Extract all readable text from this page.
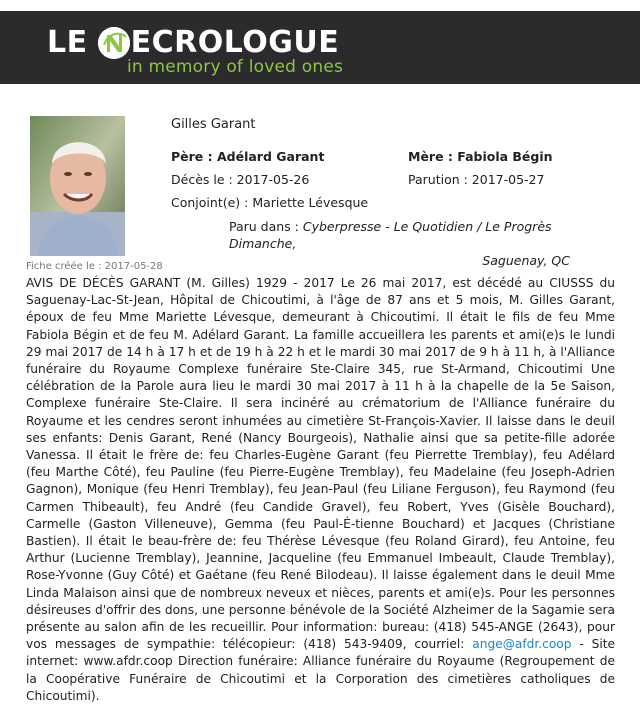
LE ECROLOGUE
in memory of loved ones
Fiche créée le : 2017-05-28
Gilles Garant
Père : Adélard Garant	Mère : Fabiola Bégin
Décès le : 2017-05-26	Parution : 2017-05-27
Conjoint(e) : Mariette Lévesque
Paru dans : Cyberpresse - Le Quotidien / Le Progrès Dimanche,
Saguenay, QC
AVIS DE DÉCÈS GARANT (M. Gilles) 1929 - 2017 Le 26 mai 2017, est décédé au CIUSSS du Saguenay-Lac-St-Jean, Hôpital de Chicoutimi, à l'âge de 87 ans et 5 mois, M. Gilles Garant, époux de feu Mme Mariette Lévesque, demeurant à Chicoutimi. Il était le fils de feu Mme Fabiola Bégin et de feu M. Adélard Garant. La famille accueillera les parents et ami(e)s le lundi 29 mai 2017 de 14 h à 17 h et de 19 h à 22 h et le mardi 30 mai 2017 de 9 h à 11 h, à l'Alliance funéraire du Royaume Complexe funéraire Ste-Claire 345, rue St-Armand, Chicoutimi Une célébration de la Parole aura lieu le mardi 30 mai 2017 à 11 h à la chapelle de la 5e Saison, Complexe funéraire Ste-Claire. Il sera incinéré au crématorium de l'Alliance funéraire du Royaume et les cendres seront inhumées au cimetière St-François-Xavier. Il laisse dans le deuil ses enfants: Denis Garant, René (Nancy Bourgeois), Nathalie ainsi que sa petite-fille adorée Vanessa. Il était le frère de: feu Charles-Eugène Garant (feu Pierrette Tremblay), feu Adélard (feu Marthe Côté), feu Pauline (feu Pierre-Eugène Tremblay), feu Madelaine (feu Joseph-Adrien Gagnon), Monique (feu Henri Tremblay), feu Jean-Paul (feu Liliane Ferguson), feu Raymond (feu Carmen Thibeault), feu André (feu Candide Gravel), feu Robert, Yves (Gisèle Bouchard), Carmelle (Gaston Villeneuve), Gemma (feu Paul-É-tienne Bouchard) et Jacques (Christiane Bastien). Il était le beau-frère de: feu Thérèse Lévesque (feu Roland Girard), feu Antoine, feu Arthur (Lucienne Tremblay), Jeannine, Jacqueline (feu Emmanuel Imbeault, Claude Tremblay), Rose-Yvonne (Guy Côté) et Gaétane (feu René Bilodeau). Il laisse également dans le deuil Mme Linda Malaison ainsi que de nombreux neveux et nièces, parents et ami(e)s. Pour les personnes désireuses d'offrir des dons, une personne bénévole de la Société Alzheimer de la Sagamie sera présente au salon afin de les recueillir. Pour information: bureau: (418) 545-ANGE (2643), pour vos messages de sympathie: télécopieur: (418) 543-9409, courriel: ange@afdr.coop - Site internet: www.afdr.coop Direction funéraire: Alliance funéraire du Royaume (Regroupement de la Coopérative Funéraire de Chicoutimi et la Corporation des cimetières catholiques de Chicoutimi).
